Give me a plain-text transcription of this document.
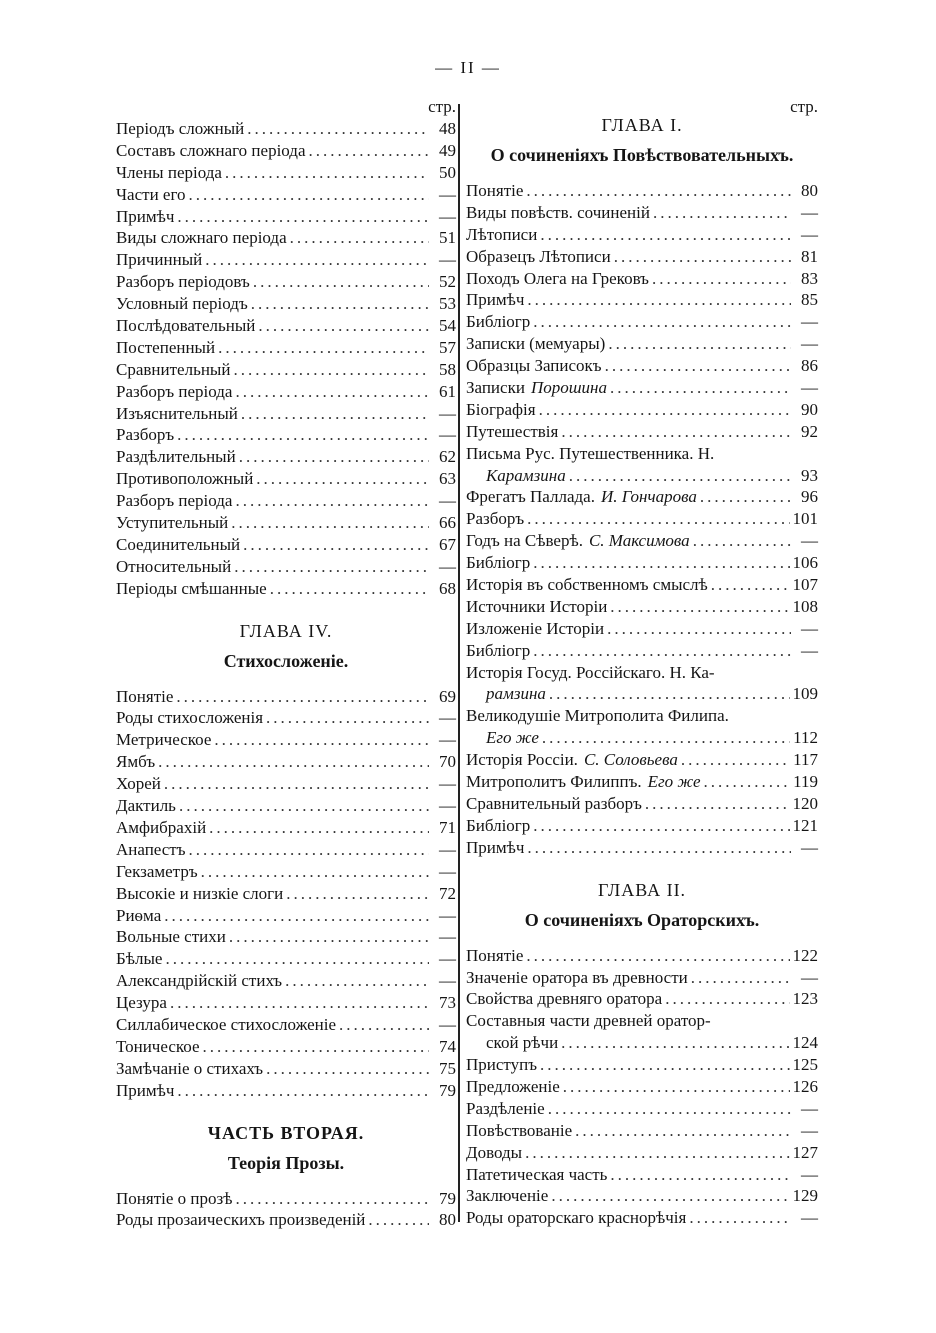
— II —
стр.
Періодъ сложный .....	48
Составъ сложнаго періода .....	49
Члены періода .....	50
Части его .....	—
Примѣч .....	—
Виды сложнаго періода .....	51
Причинный .....	—
Разборъ періодовъ .....	52
Условный періодъ .....	53
Послѣдовательный .....	54
Постепенный .....	57
Сравнительный .....	58
Разборъ періода .....	61
Изъяснительный .....	—
Разборъ .....	—
Раздѣлительный .....	62
Противоположный .....	63
Разборъ періода .....	—
Уступительный .....	66
Соединительный .....	67
Относительный .....	—
Періоды смѣшанные .....	68
ГЛАВА IV.
Стихосложеніе.
Понятіе .....	69
Роды стихосложенія .....	—
Метрическое .....	—
Ямбъ .....	70
Хорей .....	—
Дактиль .....	—
Амфибрахій .....	71
Анапестъ .....	—
Гекзаметръ .....	—
Высокіе и низкіе слоги .....	72
Риѳма .....	—
Вольные стихи .....	—
Бѣлые .....	—
Александрійскій стихъ .....	—
Цезура .....	73
Силлабическое стихосложеніе .....	—
Тоническое .....	74
Замѣчаніе о стихахъ .....	75
Примѣч .....	79
ЧАСТЬ ВТОРАЯ.
Теорія Прозы.
Понятіе о прозѣ .....	79
Роды прозаическихъ произведеній .....	80
стр.
ГЛАВА I.
О сочиненіяхъ Повѣствовательныхъ.
Понятіе .....	80
Виды повѣств. сочиненій .....	—
Лѣтописи .....	—
Образецъ Лѣтописи .....	81
Походъ Олега на Грековъ .....	83
Примѣч .....	85
Библіогр .....	—
Записки (мемуары) .....	—
Образцы Записокъ .....	86
Записки Порошина .....	—
Біографія .....	90
Путешествія .....	92
Письма Рус. Путешественника. Н.
Карамзина .....	93
Фрегатъ Паллада. И. Гончарова .....	96
Разборъ .....	101
Годъ на Сѣверѣ. С. Максимова .....	—
Библіогр .....	106
Исторія въ собственномъ смыслѣ .....	107
Источники Исторіи .....	108
Изложеніе Исторіи .....	—
Библіогр .....	—
Исторія Госуд. Россійскаго. Н. Ка-
рамзина .....	109
Великодушіе Митрополита Филипа.
Его же .....	112
Исторія Россіи. С. Соловьева .....	117
Митрополитъ Филиппъ. Его же .....	119
Сравнительный разборъ .....	120
Библіогр .....	121
Примѣч .....	—
ГЛАВА II.
О сочиненіяхъ Ораторскихъ.
Понятіе .....	122
Значеніе оратора въ древности .....	—
Свойства древняго оратора .....	123
Составныя части древней оратор-
ской рѣчи .....	124
Приступъ .....	125
Предложеніе .....	126
Раздѣленіе .....	—
Повѣствованіе .....	—
Доводы .....	127
Патетическая часть .....	—
Заключеніе .....	129
Роды ораторскаго краснорѣчія .....	—
